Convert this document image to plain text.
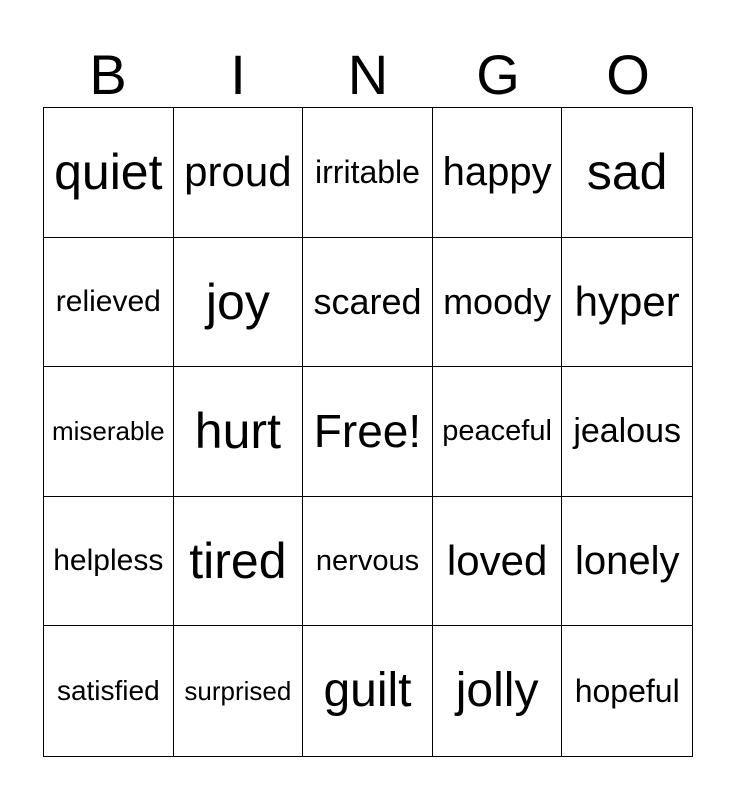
B	I	N	G	O
quiet proud irritable happy sad
relieved joy scared moody hyper
miserable hurt Free! peaceful jealous
helpless tired nervous loved lonely
satisfied surprised guilt jolly hopeful
